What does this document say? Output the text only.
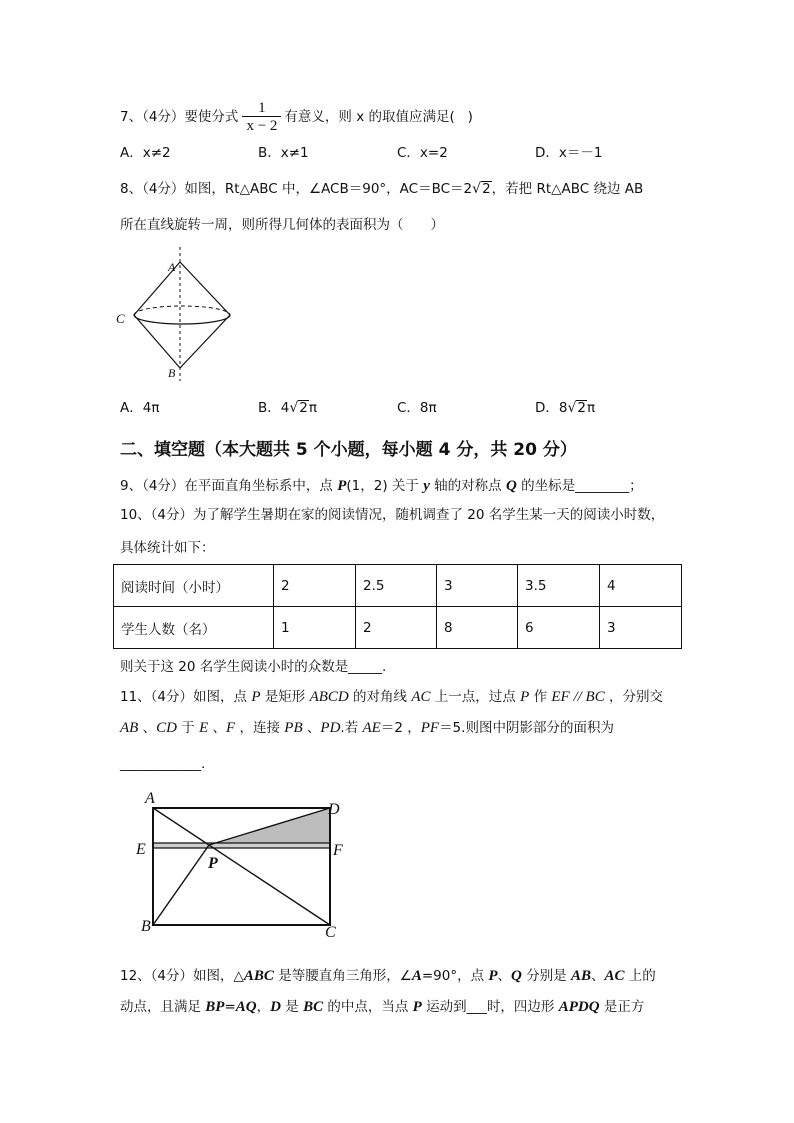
7、（4分）要使分式 $\frac{1}{x - 2}$ 有意义，则 x 的取值应满足(   )
A．x≠2	B．x≠1	C．x=2	D．x＝－1
8、（4分）如图，Rt△ABC 中，∠ACB＝90°，AC＝BC＝2√2，若把 Rt△ABC 绕边 AB
所在直线旋转一周，则所得几何体的表面积为（　　）
A
C
B
A．4π	B．4√2π	C．8π	D．8√2π
二、填空题（本大题共 5 个小题，每小题 4 分，共 20 分）
9、（4分）在平面直角坐标系中，点 P(1，2) 关于 y 轴的对称点 Q 的坐标是________；
10、（4分）为了解学生暑期在家的阅读情况，随机调查了 20 名学生某一天的阅读小时数，
具体统计如下：
阅读时间（小时）	2	2.5	3	3.5	4
学生人数（名）	1	2	8	6	3
则关于这 20 名学生阅读小时的众数是_____.
11、（4分）如图，点 P 是矩形 ABCD 的对角线 AC 上一点，过点 P 作 EF // BC ，分别交
AB 、CD 于 E 、F ，连接 PB 、PD.若 AE＝2 ，PF＝5.则图中阴影部分的面积为
____________.
A
D
E	F
P
B	C
12、（4分）如图，△ABC 是等腰直角三角形，∠A=90°，点 P、Q 分别是 AB、AC 上的
动点，且满足 BP=AQ，D 是 BC 的中点，当点 P 运动到___时，四边形 APDQ 是正方
